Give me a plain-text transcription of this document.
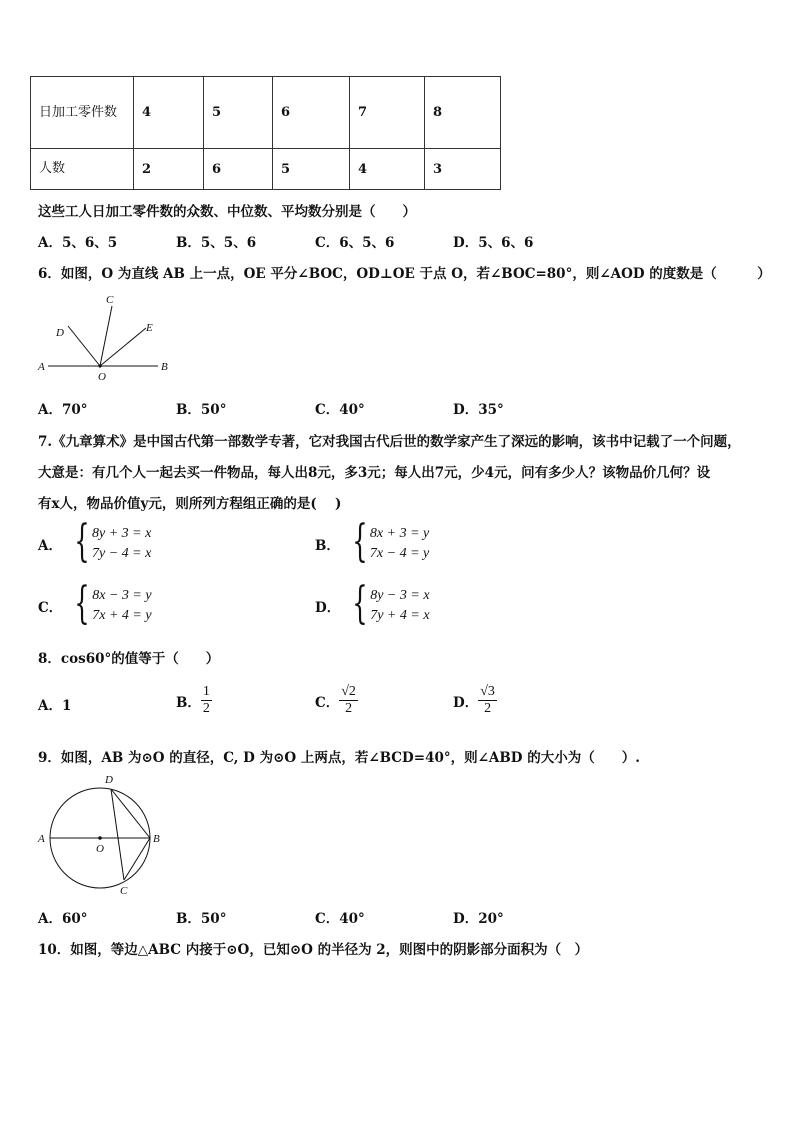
日加工零件数	4	5	6	7	8
人数	2	6	5	4	3
这些工人日加工零件数的众数、中位数、平均数分别是（　　）
A．5、6、5	B．5、5、6	C．6、5、6	D．5、6、6
6．如图，O 为直线 AB 上一点，OE 平分∠BOC，OD⊥OE 于点 O，若∠BOC=80°，则∠AOD 的度数是（　　　）
C
D	E
A
O
B
A．70°	B．50°	C．40°	D．35°
7.《九章算术》是中国古代第一部数学专著，它对我国古代后世的数学家产生了深远的影响，该书中记载了一个问题，
大意是：有几个人一起去买一件物品，每人出8元，多3元；每人出7元，少4元，问有多少人？该物品价几何？设
有x人，物品价值y元，则所列方程组正确的是(　 )
A． { 8y + 3 = x
7y − 4 = x	B． { 8x + 3 = y
7x − 4 = y
C． { 8x − 3 = y
7x + 4 = y	D． { 8y − 3 = x
7y + 4 = x
8．cos60°的值等于（　　）
A．1	B． $\frac{1}{2}$	C． $\frac{√2}{2}$	D． $\frac{√3}{2}$
9．如图，AB 为⊙O 的直径，C, D 为⊙O 上两点，若∠BCD=40°，则∠ABD 的大小为（　　）.
D
A
O
B
C
A．60°	B．50°	C．40°	D．20°
10．如图，等边△ABC 内接于⊙O，已知⊙O 的半径为 2，则图中的阴影部分面积为（　）
